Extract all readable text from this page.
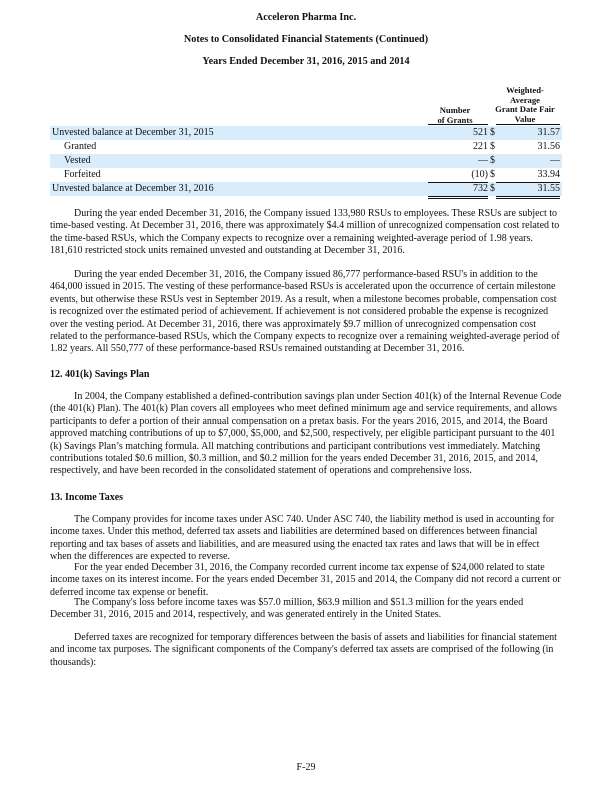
Acceleron Pharma Inc.
Notes to Consolidated Financial Statements (Continued)
Years Ended December 31, 2016, 2015 and 2014
Number
of Grants
Weighted-
Average
Grant Date Fair
Value
Unvested balance at December 31, 2015	521 $	31.57
Granted	221 $	31.56
Vested	— $	—
Forfeited	(10) $	33.94
Unvested balance at December 31, 2016	732 $	31.55

During the year ended December 31, 2016, the Company issued 133,980 RSUs to employees. These RSUs are subject to time-based vesting. At December 31, 2016, there was approximately $4.4 million of unrecognized compensation cost related to the time-based RSUs, which the Company expects to recognize over a remaining weighted-average period of 1.98 years. 181,610 restricted stock units remained unvested and outstanding at December 31, 2016.

During the year ended December 31, 2016, the Company issued 86,777 performance-based RSU's in addition to the 464,000 issued in 2015. The vesting of these performance-based RSUs is accelerated upon the occurrence of certain milestone events, but otherwise these RSUs vest in September 2019. As a result, when a milestone becomes probable, compensation cost is recognized over the estimated period of achievement. If achievement is not considered probable the expense is recognized over the vesting period. At December 31, 2016, there was approximately $9.7 million of unrecognized compensation cost related to the performance-based RSUs, which the Company expects to recognize over a remaining weighted-average period of 1.82 years. All 550,777 of these performance-based RSUs remained outstanding at December 31, 2016.

12. 401(k) Savings Plan

In 2004, the Company established a defined-contribution savings plan under Section 401(k) of the Internal Revenue Code (the 401(k) Plan). The 401(k) Plan covers all employees who meet defined minimum age and service requirements, and allows participants to defer a portion of their annual compensation on a pretax basis. For the years 2016, 2015, and 2014, the Board approved matching contributions of up to $7,000, $5,000, and $2,500, respectively, per eligible participant pursuant to the 401 (k) Savings Plan’s matching formula. All matching contributions and participant contributions vest immediately. Matching contributions totaled $0.6 million, $0.3 million, and $0.2 million for the years ended December 31, 2016, 2015, and 2014, respectively, and have been recorded in the consolidated statement of operations and comprehensive loss.

13. Income Taxes

The Company provides for income taxes under ASC 740. Under ASC 740, the liability method is used in accounting for income taxes. Under this method, deferred tax assets and liabilities are determined based on differences between financial reporting and tax bases of assets and liabilities, and are measured using the enacted tax rates and laws that will be in effect when the differences are expected to reverse.

For the year ended December 31, 2016, the Company recorded current income tax expense of $24,000 related to state income taxes on its interest income. For the years ended December 31, 2015 and 2014, the Company did not record a current or deferred income tax expense or benefit.

The Company's loss before income taxes was $57.0 million, $63.9 million and $51.3 million for the years ended December 31, 2016, 2015 and 2014, respectively, and was generated entirely in the United States.

Deferred taxes are recognized for temporary differences between the basis of assets and liabilities for financial statement and income tax purposes. The significant components of the Company's deferred tax assets are comprised of the following (in thousands):

F-29
